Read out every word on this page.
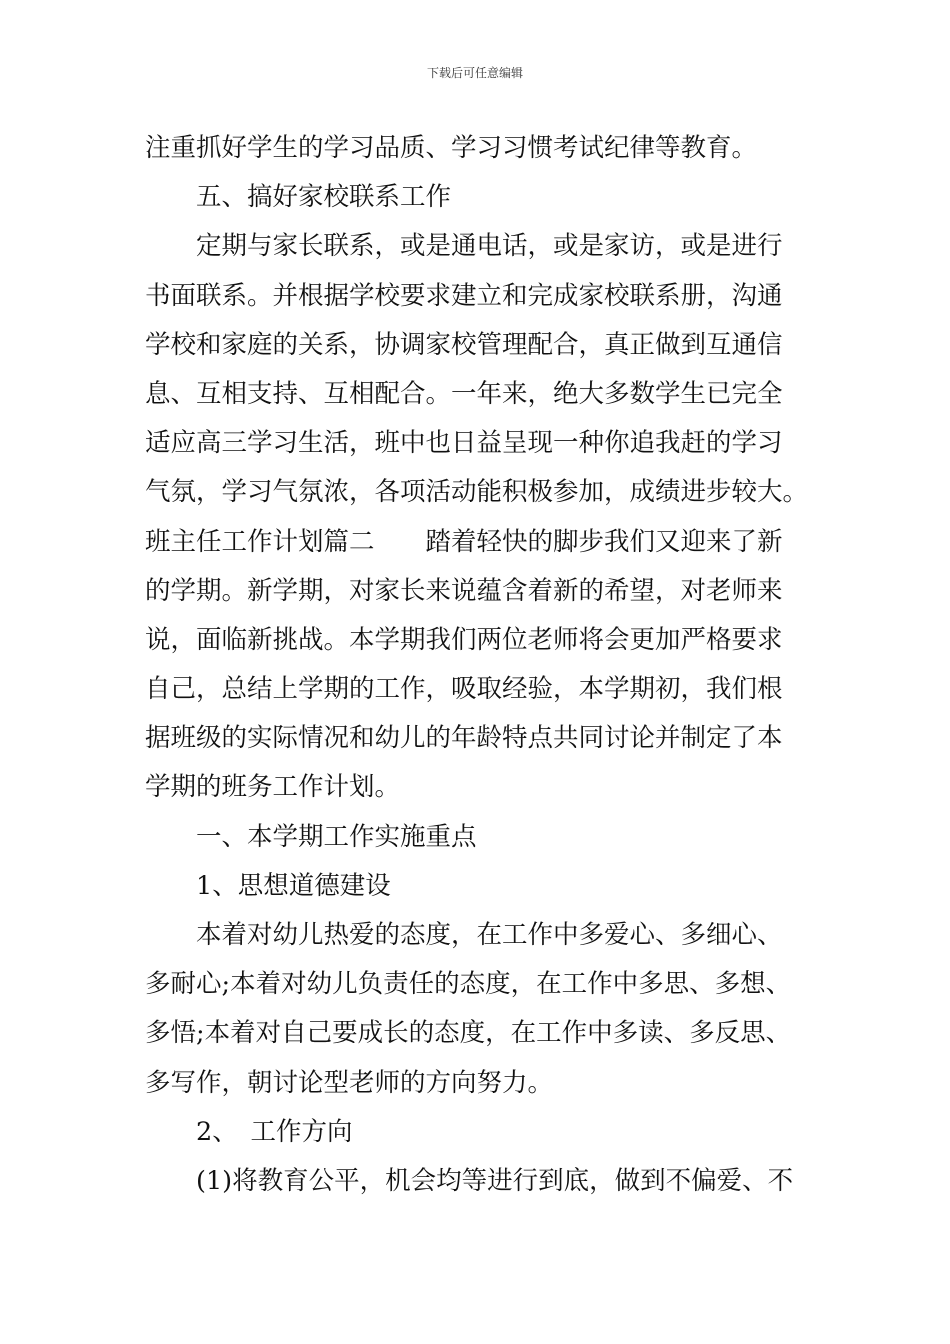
下载后可任意编辑
注重抓好学生的学习品质、学习习惯考试纪律等教育。
五、搞好家校联系工作
定期与家长联系，或是通电话，或是家访，或是进行
书面联系。并根据学校要求建立和完成家校联系册，沟通
学校和家庭的关系，协调家校管理配合，真正做到互通信
息、互相支持、互相配合。一年来，绝大多数学生已完全
适应高三学习生活，班中也日益呈现一种你追我赶的学习
气氛，学习气氛浓，各项活动能积极参加，成绩进步较大。
班主任工作计划篇二　　踏着轻快的脚步我们又迎来了新
的学期。新学期，对家长来说蕴含着新的希望，对老师来
说，面临新挑战。本学期我们两位老师将会更加严格要求
自己，总结上学期的工作，吸取经验，本学期初，我们根
据班级的实际情况和幼儿的年龄特点共同讨论并制定了本
学期的班务工作计划。
一、本学期工作实施重点
1、思想道德建设
本着对幼儿热爱的态度，在工作中多爱心、多细心、
多耐心;本着对幼儿负责任的态度，在工作中多思、多想、
多悟;本着对自己要成长的态度，在工作中多读、多反思、
多写作，朝讨论型老师的方向努力。
2、　工作方向
(1)将教育公平，机会均等进行到底，做到不偏爱、不
